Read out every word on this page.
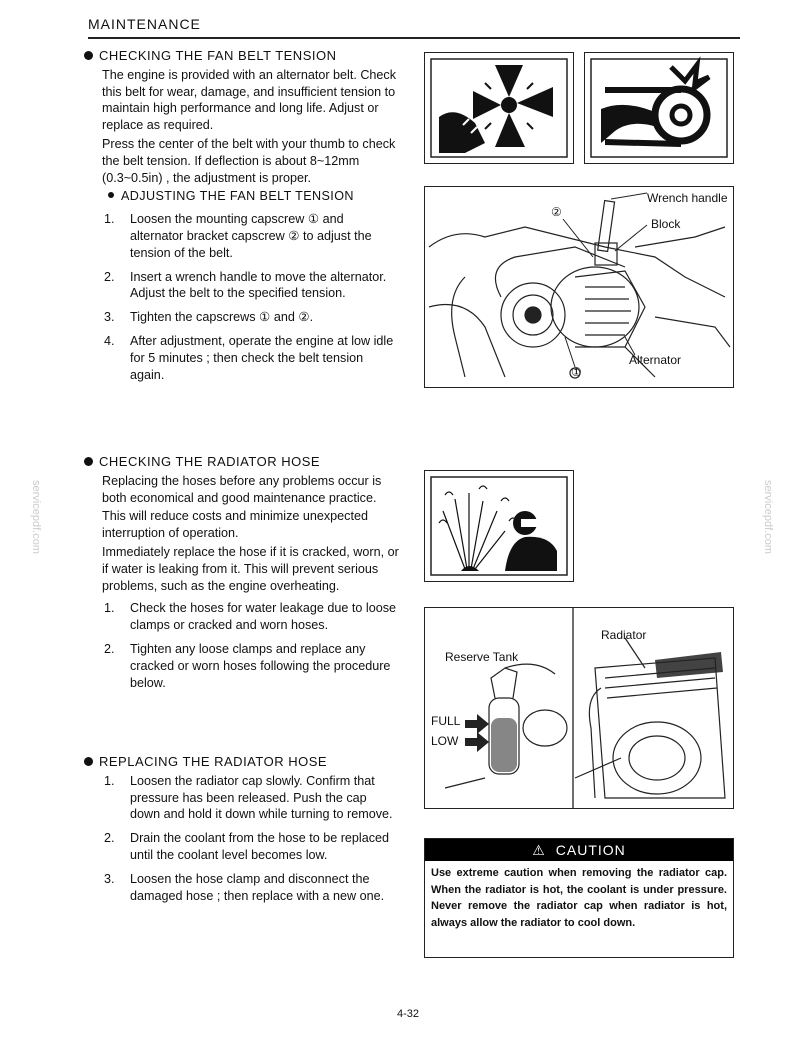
MAINTENANCE
CHECKING THE FAN BELT TENSION
The engine is provided with an alternator belt. Check this belt for wear, damage, and insufficient tension to maintain high performance and long life. Adjust or replace as required.
Press the center of the belt with your thumb to check the belt tension. If deflection is about 8~12mm (0.3~0.5in) , the adjustment is proper.
ADJUSTING THE FAN BELT TENSION
1.	Loosen the mounting capscrew ① and alternator bracket capscrew ② to adjust the tension of the belt.
2.	Insert a wrench handle to move the alternator. Adjust the belt to the specified tension.
3.	Tighten the capscrews ① and ②.
4.	After adjustment, operate the engine at low idle for 5 minutes ; then check the belt tension again.
CHECKING THE RADIATOR HOSE
Replacing the hoses before any problems occur is both economical and good maintenance practice.
This will reduce costs and minimize unexpected interruption of operation.
Immediately replace the hose if it is cracked, worn, or if water is leaking from it. This will prevent serious problems, such as the engine overheating.
1.	Check the hoses for water leakage due to loose clamps or cracked and worn hoses.
2.	Tighten any loose clamps and replace any cracked or worn hoses following the procedure below.
REPLACING THE RADIATOR HOSE
1.	Loosen the radiator cap slowly. Confirm that pressure has been released. Push the cap down and hold it down while turning to remove.
2.	Drain the coolant from the hose to be replaced until the coolant level becomes low.
3.	Loosen the hose clamp and disconnect the damaged hose ; then replace with a new one.
Wrench handle
Block
Alternator
②
①
Radiator
Reserve Tank
FULL
LOW
⚠ CAUTION
Use extreme caution when removing the radiator cap. When the radiator is hot, the coolant is under pressure. Never remove the radiator cap when radiator is hot, always allow the radiator to cool down.
4-32
servicepdf.com	servicepdf.com
